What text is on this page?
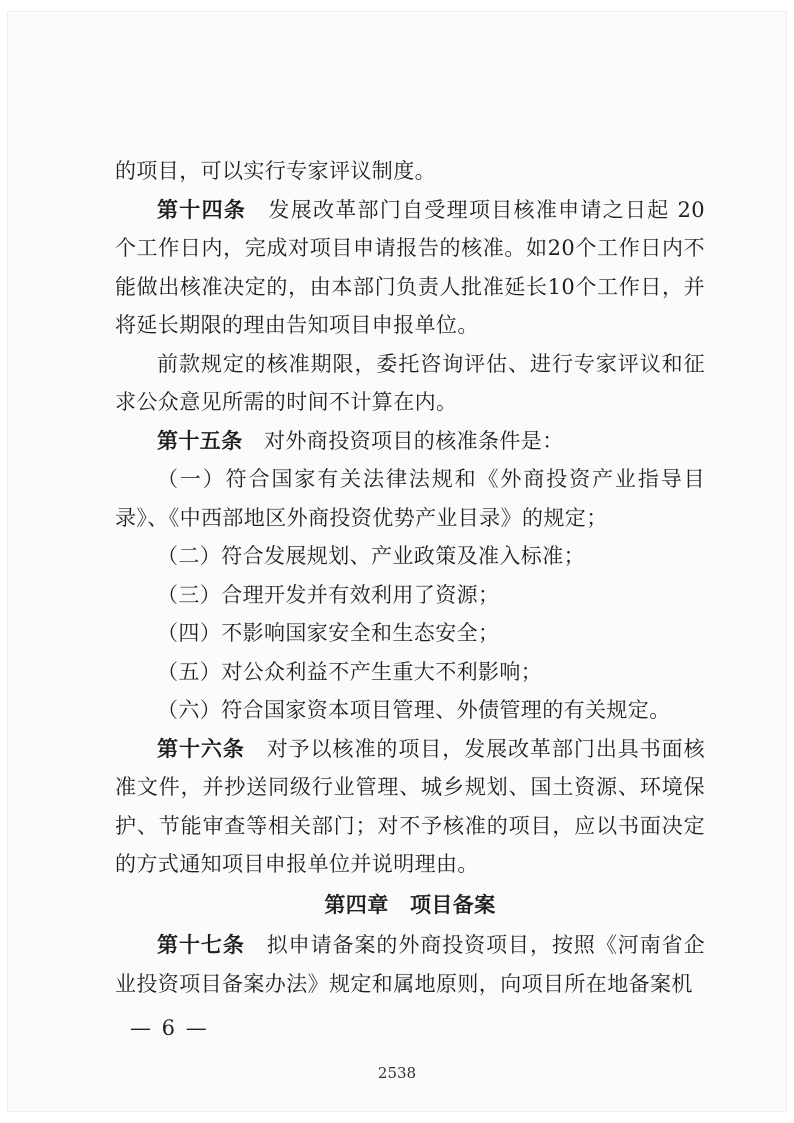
的项目，可以实行专家评议制度。

第十四条　发展改革部门自受理项目核准申请之日起 20个工作日内，完成对项目申请报告的核准。如20个工作日内不能做出核准决定的，由本部门负责人批准延长10个工作日，并将延长期限的理由告知项目申报单位。

前款规定的核准期限，委托咨询评估、进行专家评议和征求公众意见所需的时间不计算在内。

第十五条　对外商投资项目的核准条件是：

（一）符合国家有关法律法规和《外商投资产业指导目录》、《中西部地区外商投资优势产业目录》的规定；

（二）符合发展规划、产业政策及准入标准；

（三）合理开发并有效利用了资源；

（四）不影响国家安全和生态安全；

（五）对公众利益不产生重大不利影响；

（六）符合国家资本项目管理、外债管理的有关规定。

第十六条　对予以核准的项目，发展改革部门出具书面核准文件，并抄送同级行业管理、城乡规划、国土资源、环境保护、节能审查等相关部门；对不予核准的项目，应以书面决定的方式通知项目申报单位并说明理由。

第四章　项目备案

第十七条　拟申请备案的外商投资项目，按照《河南省企业投资项目备案办法》规定和属地原则，向项目所在地备案机

— 6 —
2538
